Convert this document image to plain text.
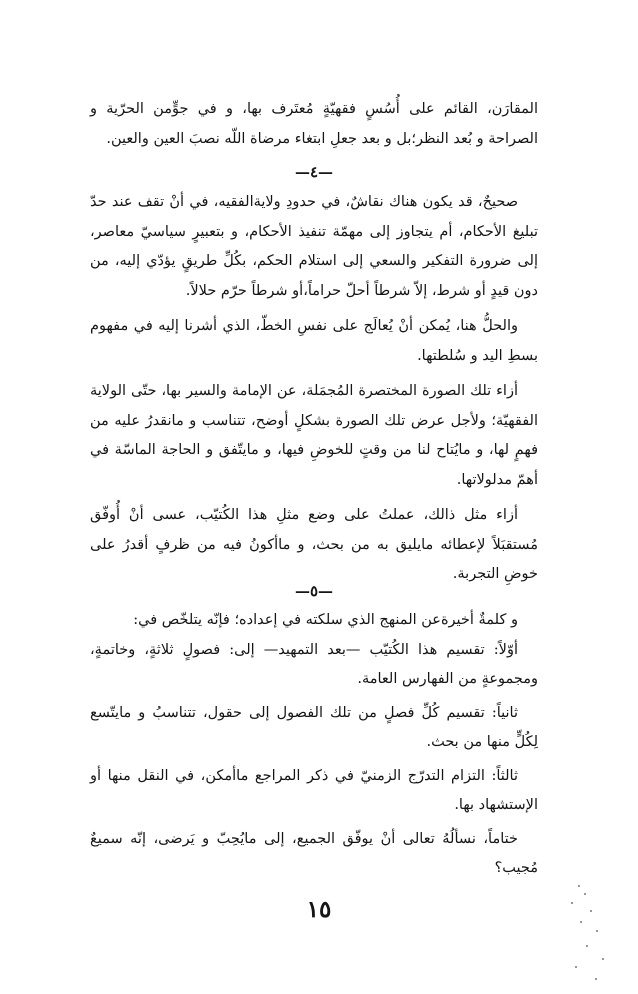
المقارَن، القائم على أُسُسٍ فقهيّةٍ مُعتَرف بها، و في جوٍّمن الحرّية و الصراحة و بُعد النظر؛بل و بعد جعلِ ابتغاء مرضاة اللّه نصبَ العين والعين.

—٤—

صحيحٌ، قد يكون هناك نقاشٌ، في حدودِ ولايةالفقيه، في أنْ تقف عند حدّ تبليغ الأحكام، أم يتجاوز إلى مهمّة تنفيذ الأحكام، و بتعبيرٍ سياسيّ معاصر، إلى ضرورة التفكير والسعي إلى استلام الحكم، بكُلِّ طريقٍ يؤدّي إليه، من دون قيدٍ أو شرط، إلاّ شرطاً أحلّ حراماً،أو شرطاً حرّم حلالاً.

والحلُّ هنا، يُمكن أنْ يُعالَج على نفسِ الخطّ، الذي أشرنا إليه في مفهوم بسطِ اليد و سُلطتها.

أزاء تلك الصورة المختصرة المُجمَلة، عن الإمامة والسير بها، حتّى الولاية الفقهيّة؛ ولأجل عرض تلك الصورة بشكلٍ أوضح، تتناسب و مانقدرُ عليه من فهمٍ لها، و مايُتاح لنا من وقتٍ للخوضِ فيها، و مايتّفق و الحاجة الماسّة في أهمّ مدلولاتها.

أزاء مثل ذالك، عملتُ على وضع مثلِ هذا الكُتيّب، عسى أنْ أُوفّق مُستقبَلاً لإعطائه مايليق به من بحث، و ماأكونُ فيه من ظرفٍ أقدرُ على خوضِ التجربة.

—٥—

و كلمةٌ أخيرةعن المنهج الذي سلكته في إعداده؛ فإنّه يتلخّص في:

أوّلاً: تقسيم هذا الكُتيّب —بعد التمهيد— إلى: فصولٍ ثلاثةٍ، وخاتمةٍ، ومجموعةٍ من الفهارس العامة.

ثانياً: تقسيم كُلِّ فصلٍ من تلك الفصول إلى حقول، تتناسبُ و مايتّسع لِكُلٍّ منها من بحث.

ثالثاً: التزام التدرّج الزمنيّ في ذكر المراجع ماأمكن، في النقل منها أو الإستشهاد بها.

ختاماً، نسألُهُ تعالى أنْ يوفّق الجميع، إلى مايُحِبّ و يَرضى، إنّه سميعٌ مُجيب؟

١٥
